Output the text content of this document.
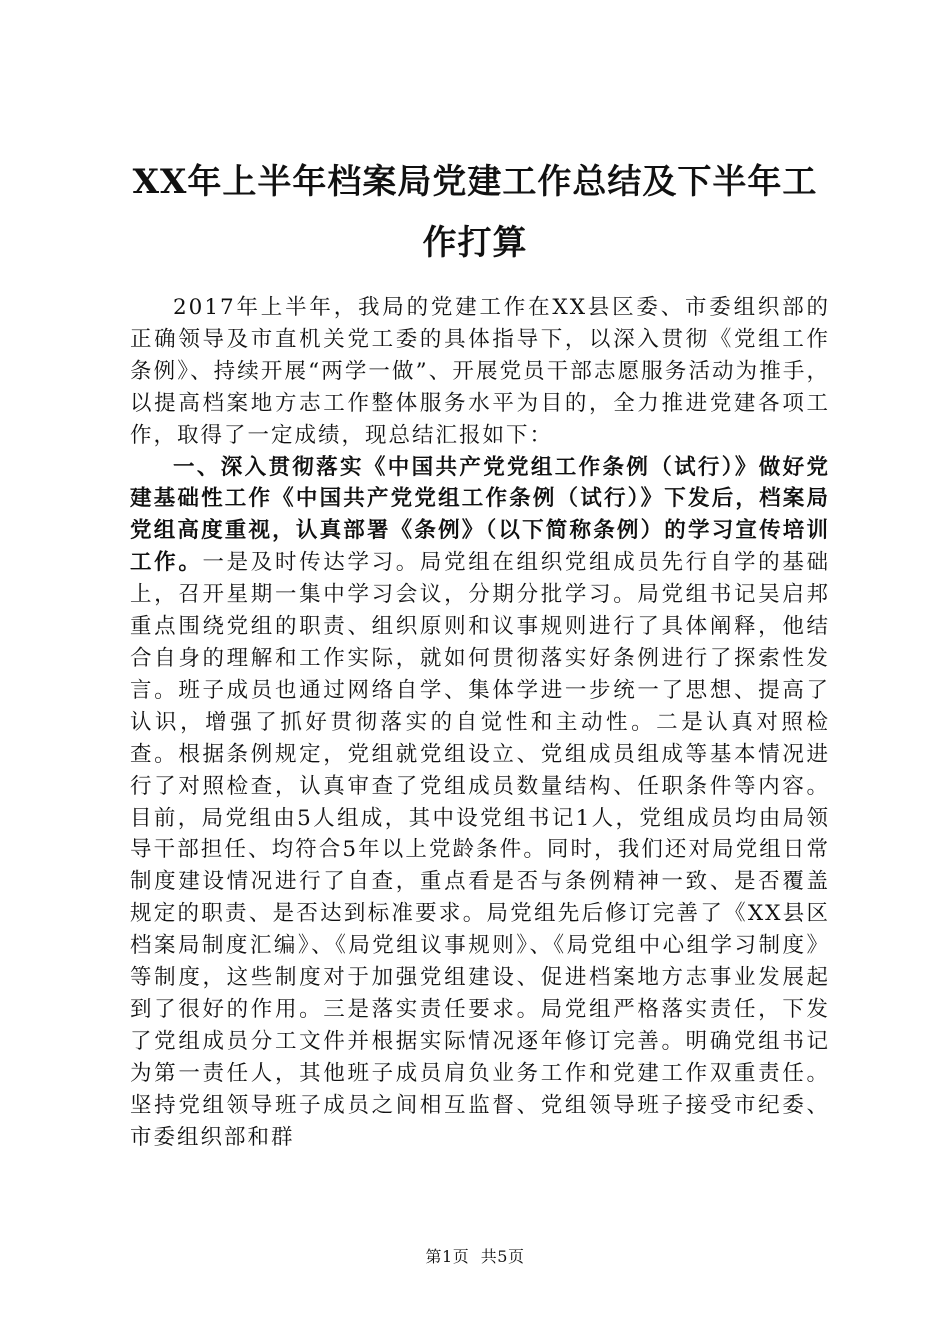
XX年上半年档案局党建工作总结及下半年工
作打算

2017年上半年，我局的党建工作在XX县区委、市委组织部的正确领导及市直机关党工委的具体指导下，以深入贯彻《党组工作条例》、持续开展“两学一做”、开展党员干部志愿服务活动为推手，以提高档案地方志工作整体服务水平为目的，全力推进党建各项工作，取得了一定成绩，现总结汇报如下：

一、深入贯彻落实《中国共产党党组工作条例（试行）》做好党建基础性工作《中国共产党党组工作条例（试行）》下发后，档案局党组高度重视，认真部署《条例》（以下简称条例）的学习宣传培训工作。一是及时传达学习。局党组在组织党组成员先行自学的基础上，召开星期一集中学习会议，分期分批学习。局党组书记吴启邦重点围绕党组的职责、组织原则和议事规则进行了具体阐释，他结合自身的理解和工作实际，就如何贯彻落实好条例进行了探索性发言。班子成员也通过网络自学、集体学进一步统一了思想、提高了认识，增强了抓好贯彻落实的自觉性和主动性。二是认真对照检查。根据条例规定，党组就党组设立、党组成员组成等基本情况进行了对照检查，认真审查了党组成员数量结构、任职条件等内容。目前，局党组由5人组成，其中设党组书记1人，党组成员均由局领导干部担任、均符合5年以上党龄条件。同时，我们还对局党组日常制度建设情况进行了自查，重点看是否与条例精神一致、是否覆盖规定的职责、是否达到标准要求。局党组先后修订完善了《XX县区档案局制度汇编》、《局党组议事规则》、《局党组中心组学习制度》等制度，这些制度对于加强党组建设、促进档案地方志事业发展起到了很好的作用。三是落实责任要求。局党组严格落实责任，下发了党组成员分工文件并根据实际情况逐年修订完善。明确党组书记为第一责任人，其他班子成员肩负业务工作和党建工作双重责任。坚持党组领导班子成员之间相互监督、党组领导班子接受市纪委、市委组织部和群

第1页 共5页
